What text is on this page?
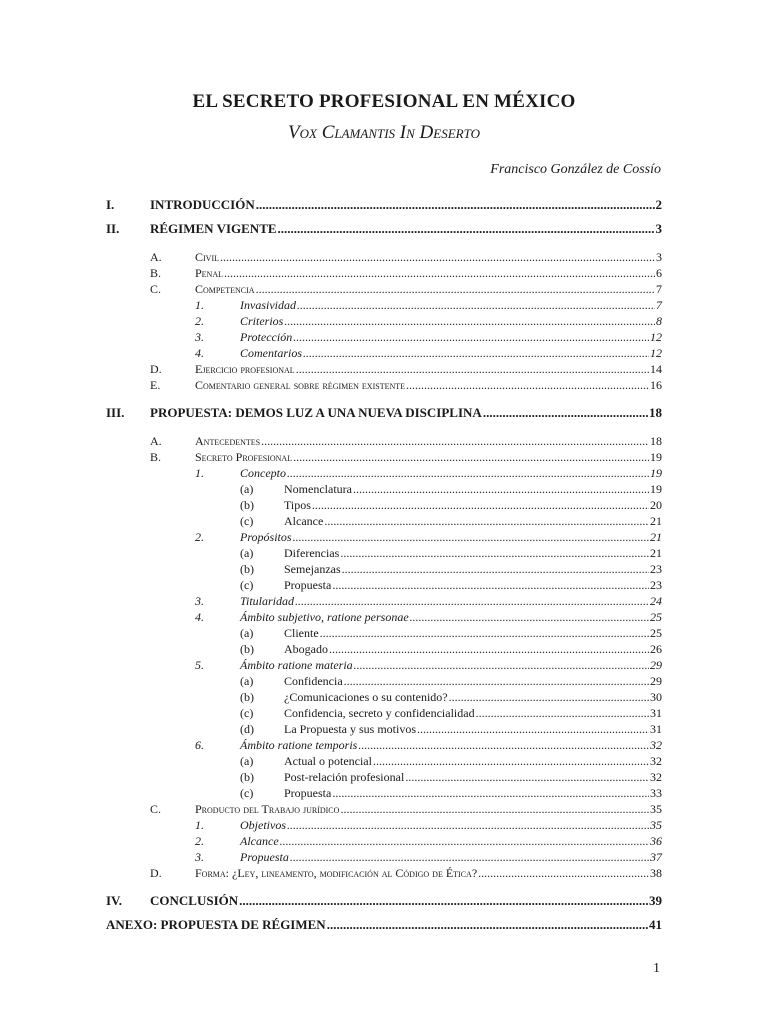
EL SECRETO PROFESIONAL EN MÉXICO
Vox Clamantis In Deserto
Francisco González de Cossío
I.	INTRODUCCIÓN .....	2
II.	RÉGIMEN VIGENTE .....	3
A.	Civil .....	3
B.	Penal .....	6
C.	Competencia .....	7
1.	Invasividad .....	7
2.	Criterios .....	8
3.	Protección .....	12
4.	Comentarios .....	12
D.	Ejercicio profesional .....	14
E.	Comentario general sobre régimen existente .....	16
III.	PROPUESTA: DEMOS LUZ A UNA NUEVA DISCIPLINA .....	18
A.	Antecedentes .....	18
B.	Secreto Profesional .....	19
1.	Concepto .....	19
(a)	Nomenclatura .....	19
(b)	Tipos .....	20
(c)	Alcance .....	21
2.	Propósitos .....	21
(a)	Diferencias .....	21
(b)	Semejanzas .....	23
(c)	Propuesta .....	23
3.	Titularidad .....	24
4.	Ámbito subjetivo, ratione personae .....	25
(a)	Cliente .....	25
(b)	Abogado .....	26
5.	Ámbito ratione materia .....	29
(a)	Confidencia .....	29
(b)	¿Comunicaciones o su contenido? .....	30
(c)	Confidencia, secreto y confidencialidad .....	31
(d)	La Propuesta y sus motivos .....	31
6.	Ámbito ratione temporis .....	32
(a)	Actual o potencial .....	32
(b)	Post-relación profesional .....	32
(c)	Propuesta .....	33
C.	Producto del Trabajo jurídico .....	35
1.	Objetivos .....	35
2.	Alcance .....	36
3.	Propuesta .....	37
D.	Forma: ¿Ley, lineamento, modificación al Código de Ética? .....	38
IV.	CONCLUSIÓN .....	39
ANEXO: PROPUESTA DE RÉGIMEN .....	41
1
